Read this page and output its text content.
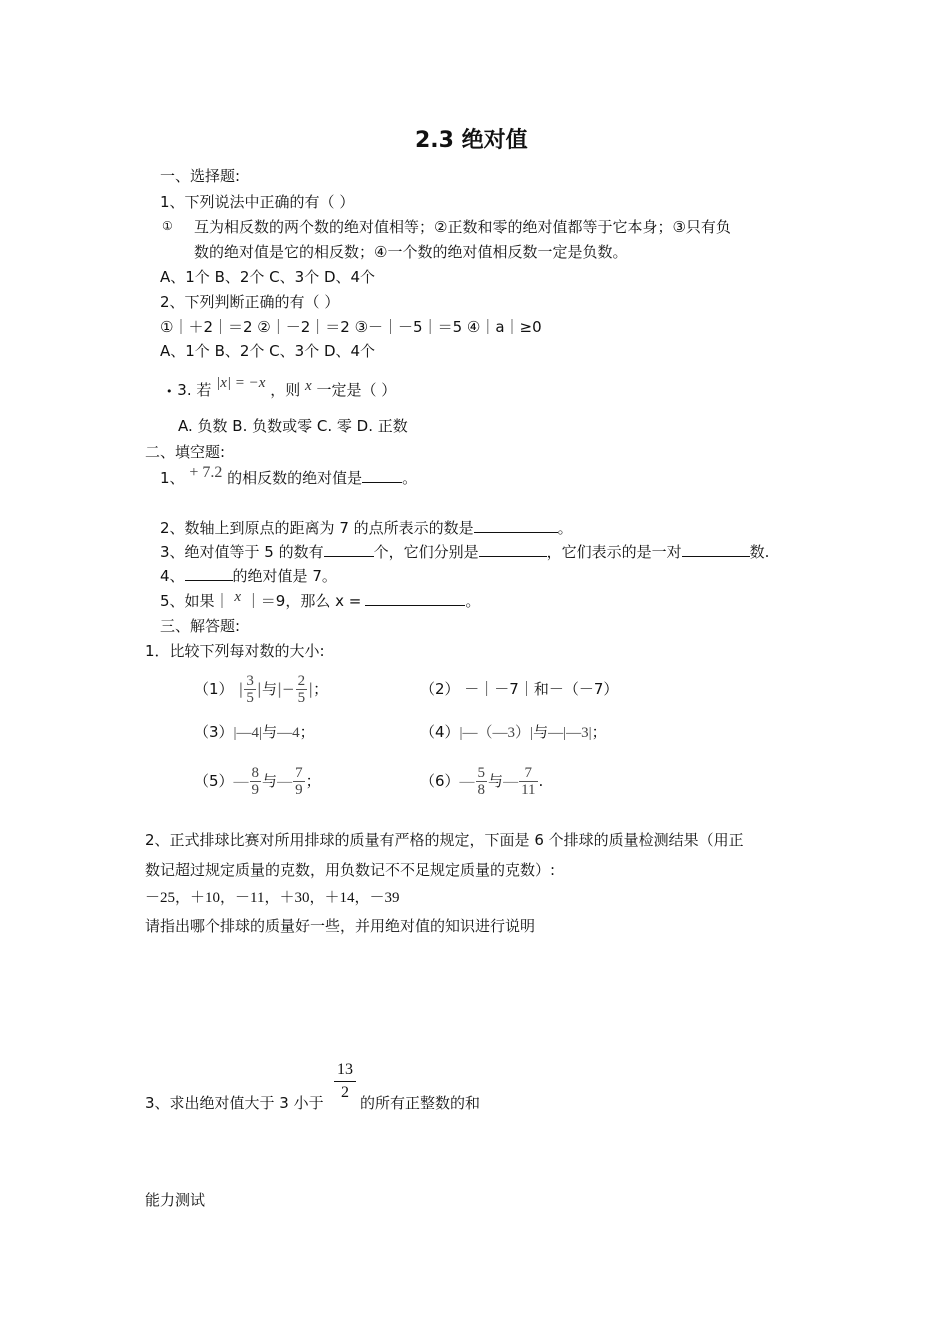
2.3 绝对值
一、选择题:
1、下列说法中正确的有（ ）
① 互为相反数的两个数的绝对值相等；②正数和零的绝对值都等于它本身；③只有负
数的绝对值是它的相反数；④一个数的绝对值相反数一定是负数。
A、1个 B、2个 C、3个 D、4个
2、下列判断正确的有（ ）
①｜＋2｜＝2 ②｜－2｜＝2 ③－｜－5｜＝5 ④｜a｜≥0
A、1个 B、2个 C、3个 D、4个
• 3. 若 |x| = −x ，则 x 一定是（ ）
A. 负数 B. 负数或零 C. 零 D. 正数
二、填空题:
1、 + 7.2 的相反数的绝对值是	。
2、数轴上到原点的距离为 7 的点所表示的数是	。
3、绝对值等于 5 的数有	个，它们分别是	，它们表示的是一对	数.
4、	的绝对值是 7。
5、如果｜ x ｜＝9，那么 x =	。
三、解答题:
1．比较下列每对数的大小:
（1） | $\frac{3}{5}$ |与|− $\frac{2}{5}$ |；	（2） －｜－7｜和－（－7）
（3）|—4|与—4；	（4）|—（—3）|与—|—3|；
（5）— $\frac{8}{9}$ 与— $\frac{7}{9}$ ；	（6）— $\frac{5}{8}$ 与— $\frac{7}{11}$ .
2、正式排球比赛对所用排球的质量有严格的规定，下面是 6 个排球的质量检测结果（用正
数记超过规定质量的克数，用负数记不不足规定质量的克数）:
－25，＋10，－11，＋30，＋14，－39
请指出哪个排球的质量好一些，并用绝对值的知识进行说明
3、求出绝对值大于 3 小于
$\frac{13}{2}$
的所有正整数的和
能力测试
